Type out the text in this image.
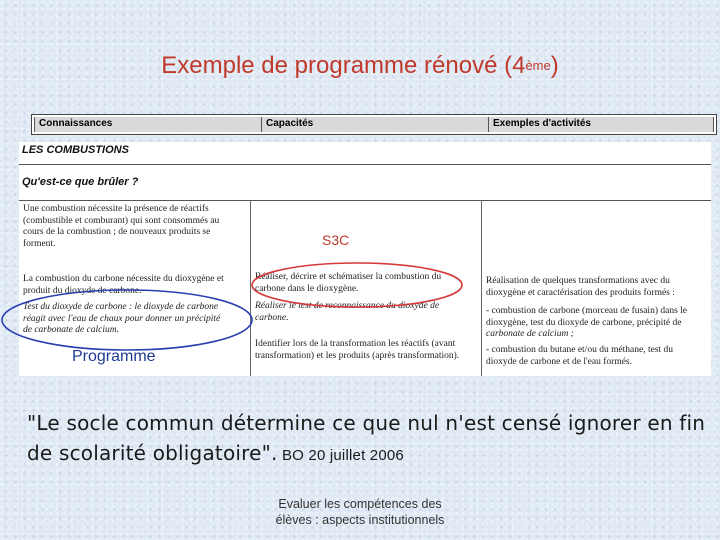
Exemple de programme rénové (4ème)
Connaissances	Capacités	Exemples d'activités
LES COMBUSTIONS
Qu'est-ce que brûler ?
Une combustion nécessite la présence de réactifs
(combustible et comburant) qui sont consommés au
cours de la combustion ; de nouveaux produits se
forment.
La combustion du carbone nécessite du dioxygène et
produit du dioxyde de carbone.
Test du dioxyde de carbone : le dioxyde de carbone
réagit avec l'eau de chaux pour donner un précipité
de carbonate de calcium.
Réaliser, décrire et schématiser la combustion du
carbone dans le dioxygène.
Réaliser le test de reconnaissance du dioxyde de
carbone.
Identifier lors de la transformation les réactifs (avant
transformation) et les produits (après transformation).
Réalisation de quelques transformations avec du
dioxygène et caractérisation des produits formés :
- combustion de carbone (morceau de fusain) dans le
dioxygène, test du dioxyde de carbone, précipité de
carbonate de calcium ;
- combustion du butane et/ou du méthane, test du
dioxyde de carbone et de l'eau formés.
S3C
Programme
"Le socle commun détermine ce que nul n'est censé ignorer en fin de scolarité obligatoire". BO 20 juillet 2006
Evaluer les compétences des
élèves : aspects institutionnels
